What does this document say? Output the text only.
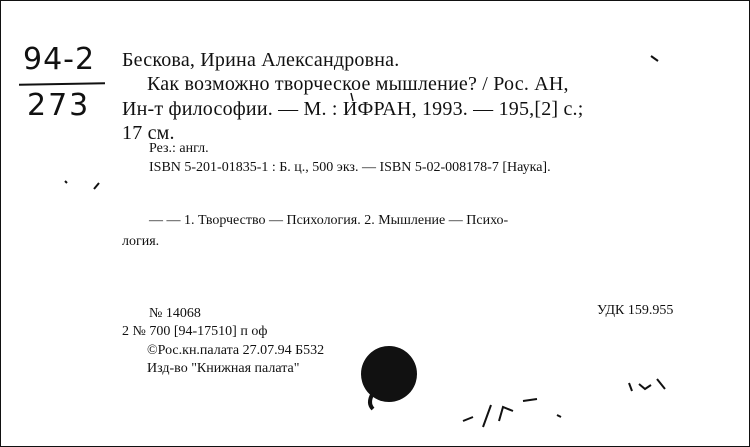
94-2
273
Бескова, Ирина Александровна.
Как возможно творческое мышление? / Рос. АН,
Ин-т философии. — М. : ИФРАН, 1993. — 195,[2] с.;
17 см.
Рез.: англ.
ISBN 5-201-01835-1 : Б. ц., 500 экз. — ISBN 5-02-008178-7 [Наука].
— — 1. Творчество — Психология. 2. Мышление — Психо-
логия.
№ 14068	УДК 159.955
2 № 700 [94-17510] п оф
©Рос.кн.палата 27.07.94 Б532
Изд-во "Книжная палата"
